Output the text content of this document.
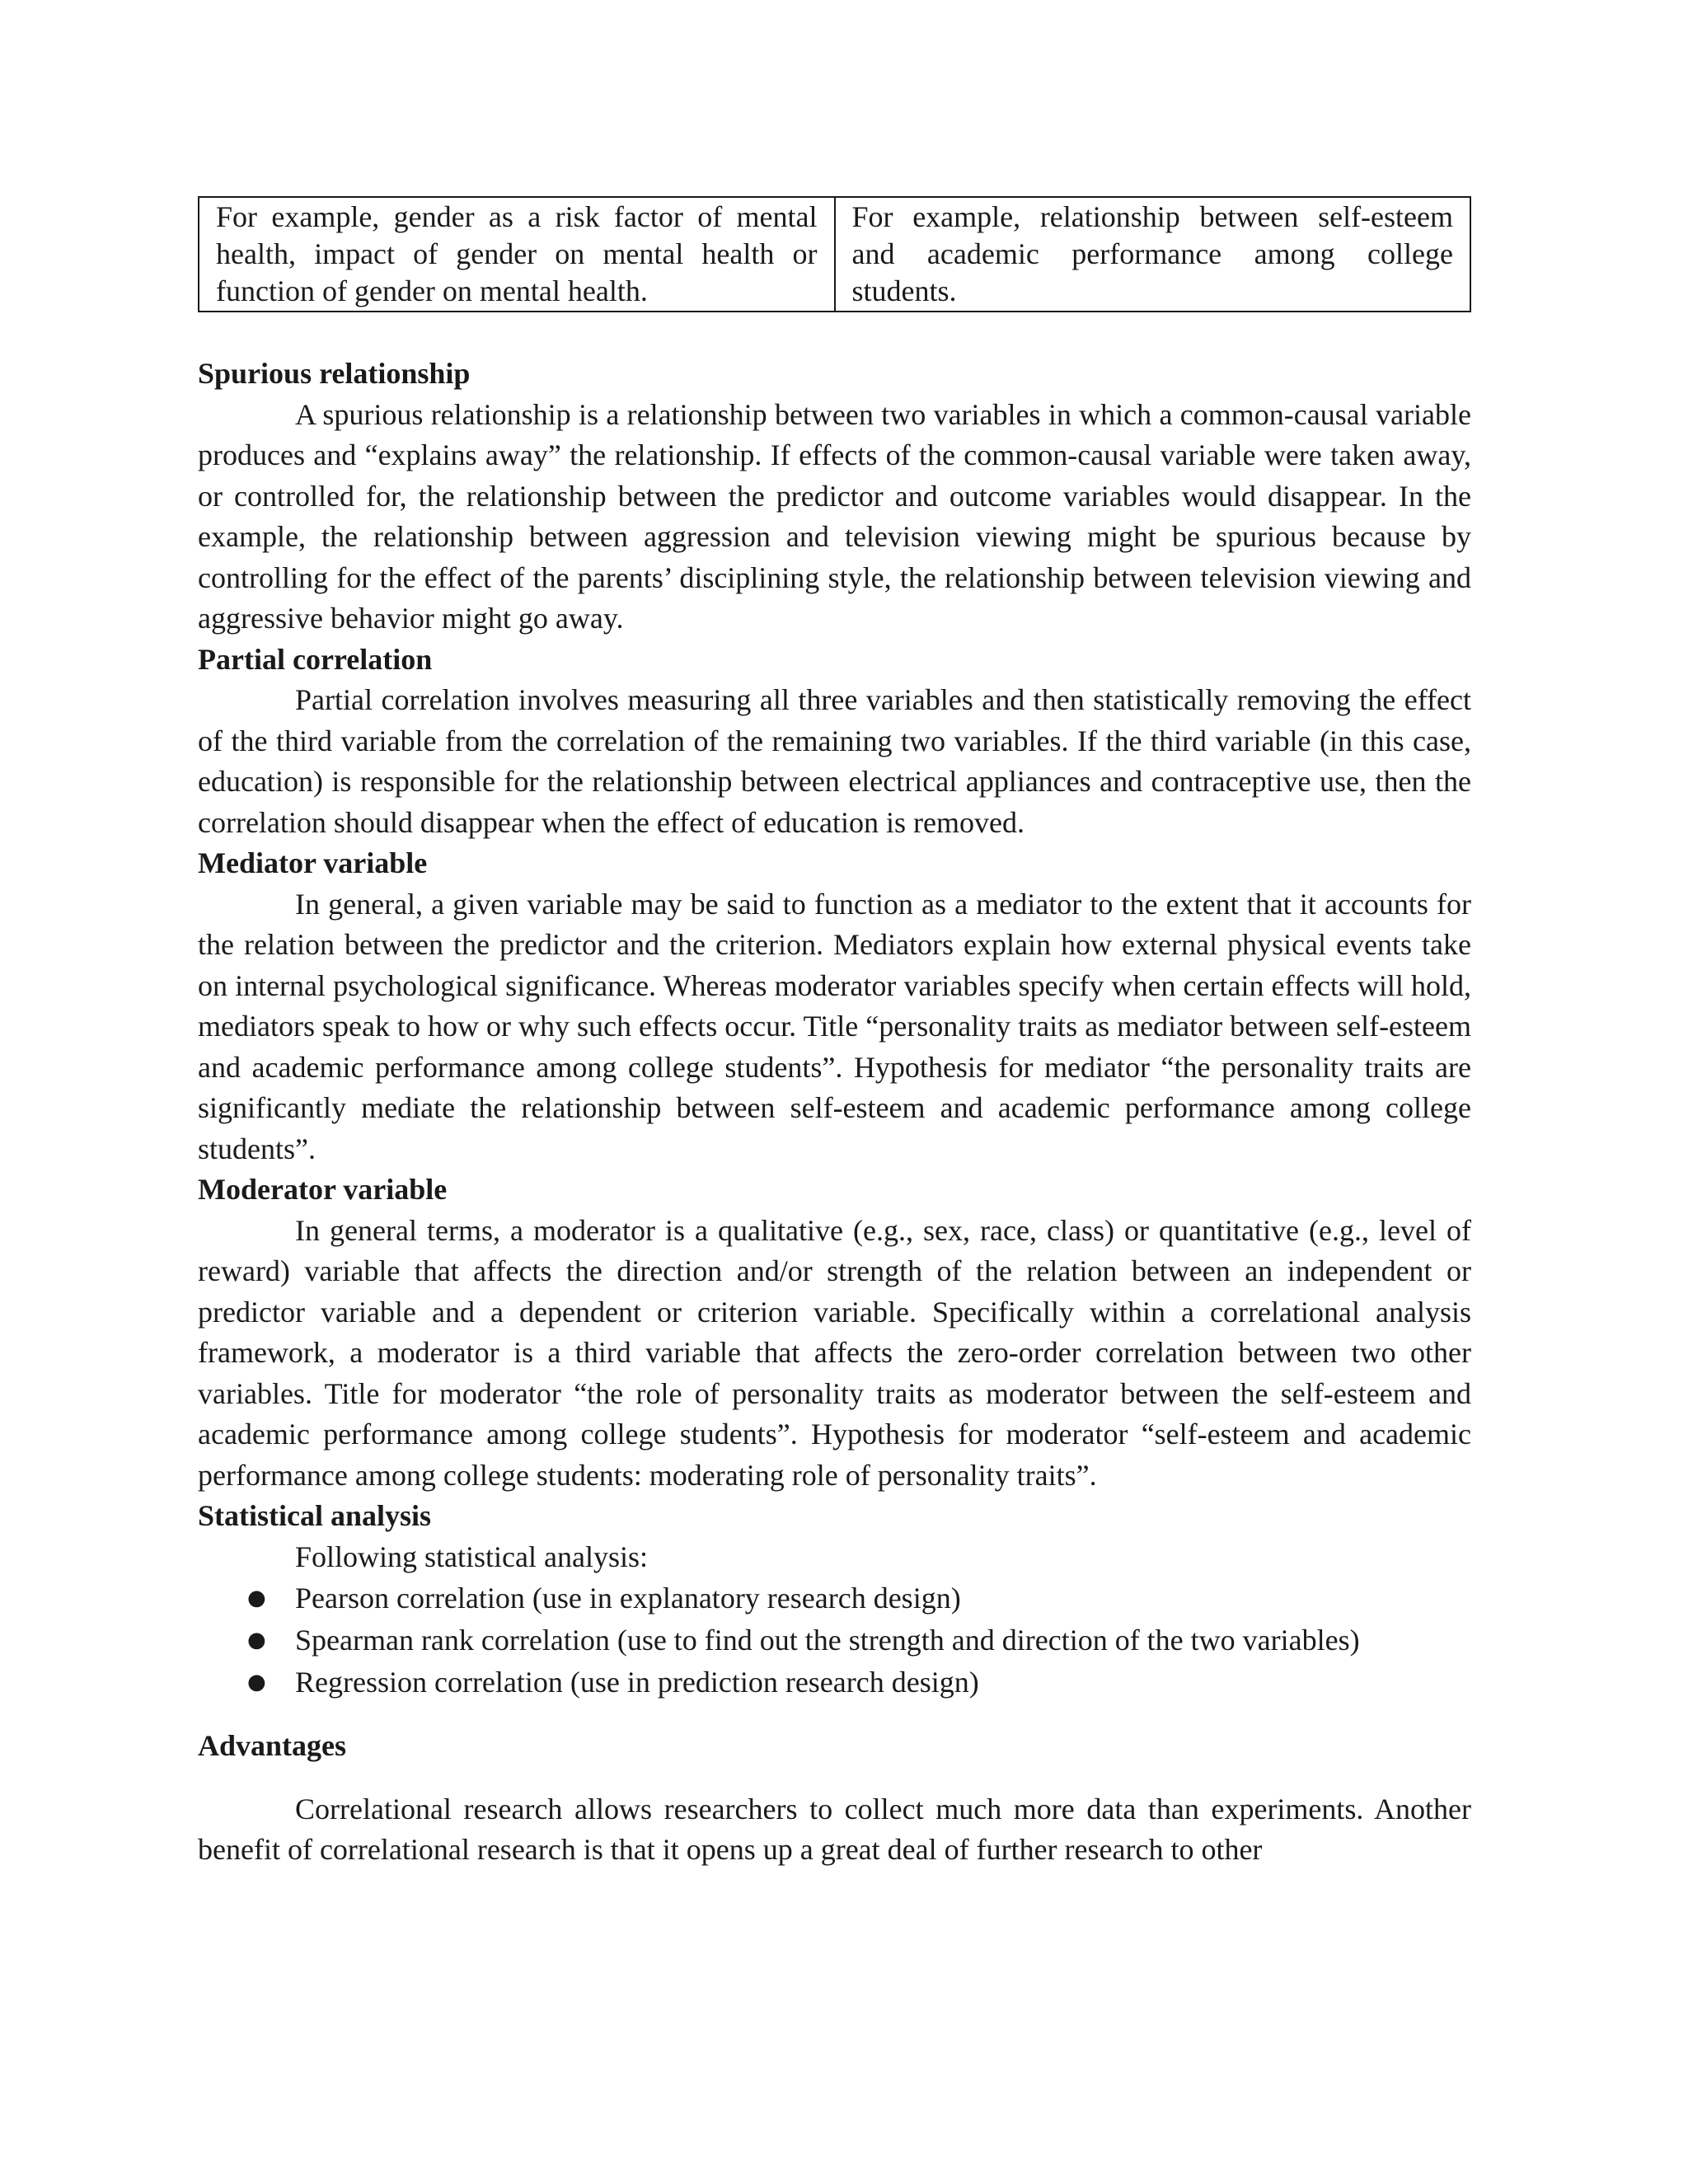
For example, gender as a risk factor of mental health, impact of gender on mental health or function of gender on mental health.	For example, relationship between self-esteem and academic performance among college students.
Spurious relationship

A spurious relationship is a relationship between two variables in which a common-causal variable produces and “explains away” the relationship. If effects of the common-causal variable were taken away, or controlled for, the relationship between the predictor and outcome variables would disappear. In the example, the relationship between aggression and television viewing might be spurious because by controlling for the effect of the parents’ disciplining style, the relationship between television viewing and aggressive behavior might go away.

Partial correlation

Partial correlation involves measuring all three variables and then statistically removing the effect of the third variable from the correlation of the remaining two variables. If the third variable (in this case, education) is responsible for the relationship between electrical appliances and contraceptive use, then the correlation should disappear when the effect of education is removed.

Mediator variable

In general, a given variable may be said to function as a mediator to the extent that it accounts for the relation between the predictor and the criterion. Mediators explain how external physical events take on internal psychological significance. Whereas moderator variables specify when certain effects will hold, mediators speak to how or why such effects occur. Title “personality traits as mediator between self-esteem and academic performance among college students”. Hypothesis for mediator “the personality traits are significantly mediate the relationship between self-esteem and academic performance among college students”.

Moderator variable

In general terms, a moderator is a qualitative (e.g., sex, race, class) or quantitative (e.g., level of reward) variable that affects the direction and/or strength of the relation between an independent or predictor variable and a dependent or criterion variable. Specifically within a correlational analysis framework, a moderator is a third variable that affects the zero-order correlation between two other variables. Title for moderator “the role of personality traits as moderator between the self-esteem and academic performance among college students”. Hypothesis for moderator “self-esteem and academic performance among college students: moderating role of personality traits”.

Statistical analysis

Following statistical analysis:

● Pearson correlation (use in explanatory research design)
● Spearman rank correlation (use to find out the strength and direction of the two variables)
● Regression correlation (use in prediction research design)
Advantages

Correlational research allows researchers to collect much more data than experiments. Another benefit of correlational research is that it opens up a great deal of further research to other
